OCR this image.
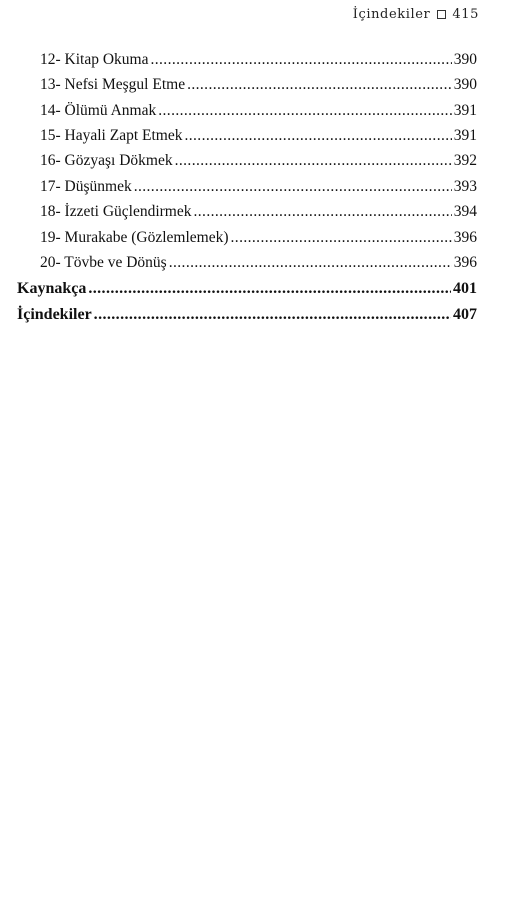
İçindekiler 415
12- Kitap Okuma .....	390
13- Nefsi Meşgul Etme .....	390
14- Ölümü Anmak .....	391
15- Hayali Zapt Etmek .....	391
16- Gözyaşı Dökmek .....	392
17- Düşünmek .....	393
18- İzzeti Güçlendirmek .....	394
19- Murakabe (Gözlemlemek) .....	396
20- Tövbe ve Dönüş .....	396
Kaynakça .....	401
İçindekiler .....	407
